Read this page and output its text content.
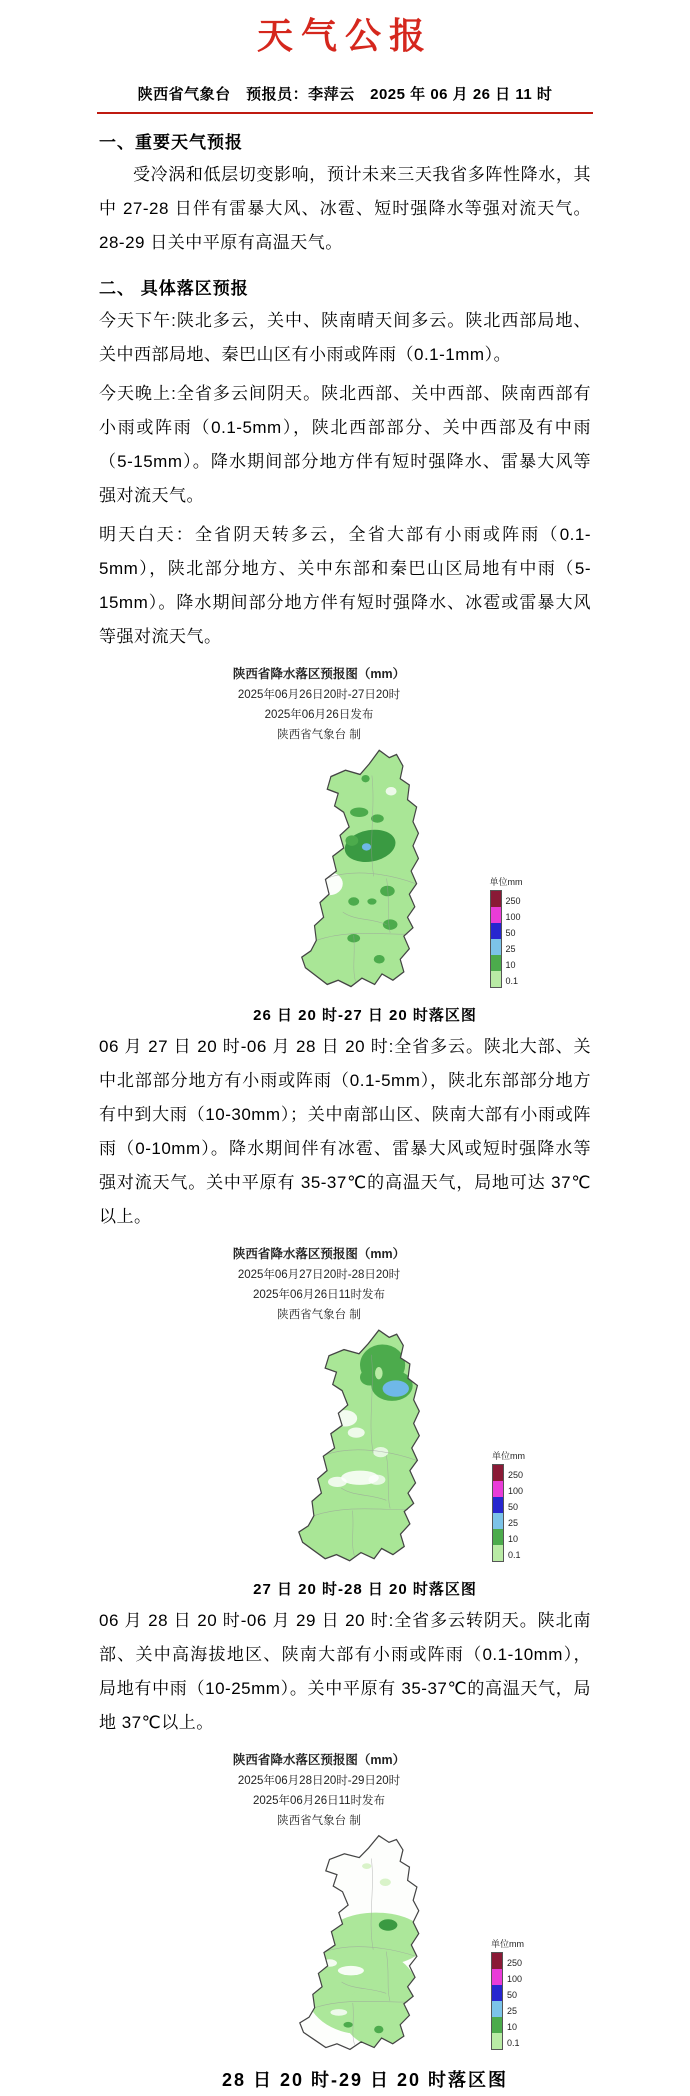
天气公报
陕西省气象台　预报员：李萍云　2025 年 06 月 26 日 11 时
一、重要天气预报

受冷涡和低层切变影响，预计未来三天我省多阵性降水，其中 27-28 日伴有雷暴大风、冰雹、短时强降水等强对流天气。28-29 日关中平原有高温天气。

二、 具体落区预报

今天下午:陕北多云，关中、陕南晴天间多云。陕北西部局地、关中西部局地、秦巴山区有小雨或阵雨（0.1-1mm）。

今天晚上:全省多云间阴天。陕北西部、关中西部、陕南西部有小雨或阵雨（0.1-5mm），陕北西部部分、关中西部及有中雨（5-15mm）。降水期间部分地方伴有短时强降水、雷暴大风等强对流天气。

明天白天：全省阴天转多云，全省大部有小雨或阵雨（0.1-5mm），陕北部分地方、关中东部和秦巴山区局地有中雨（5-15mm）。降水期间部分地方伴有短时强降水、冰雹或雷暴大风等强对流天气。

陕西省降水落区预报图（mm）
2025年06月26日20时-27日20时
2025年06月26日发布
陕西省气象台 制
单位mm
250
100
50
25
10
0.1
26 日 20 时-27 日 20 时落区图

06 月 27 日 20 时-06 月 28 日 20 时:全省多云。陕北大部、关中北部部分地方有小雨或阵雨（0.1-5mm），陕北东部部分地方有中到大雨（10-30mm）；关中南部山区、陕南大部有小雨或阵雨（0-10mm）。降水期间伴有冰雹、雷暴大风或短时强降水等强对流天气。关中平原有 35-37℃的高温天气，局地可达 37℃以上。

陕西省降水落区预报图（mm）
2025年06月27日20时-28日20时
2025年06月26日11时发布
陕西省气象台 制
单位mm
250
100
50
25
10
0.1
27 日 20 时-28 日 20 时落区图

06 月 28 日 20 时-06 月 29 日 20 时:全省多云转阴天。陕北南部、关中高海拔地区、陕南大部有小雨或阵雨（0.1-10mm），局地有中雨（10-25mm）。关中平原有 35-37℃的高温天气，局地 37℃以上。

陕西省降水落区预报图（mm）
2025年06月28日20时-29日20时
2025年06月26日11时发布
陕西省气象台 制
单位mm
250
100
50
25
10
0.1
28 日 20 时-29 日 20 时落区图
